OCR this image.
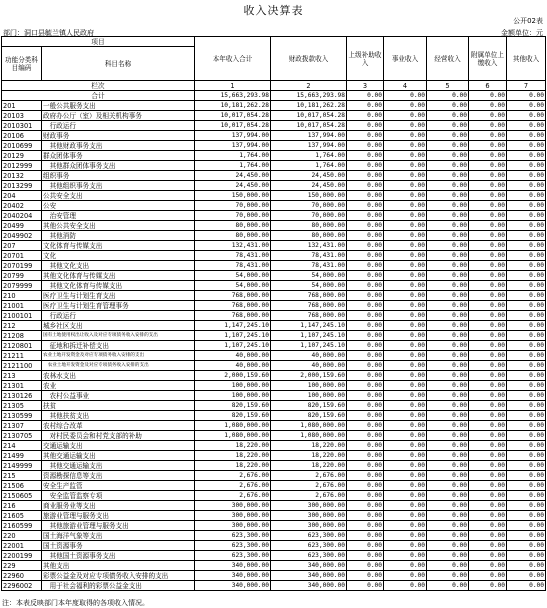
收入决算表
公开02表
部门：洞口县毓兰镇人民政府	金额单位：元
项目		本年收入合计	财政拨款收入	上级补助收入	事业收入	经营收入	附属单位上缴收入	其他收入
功能分类科目编码	科目名称							

栏次		1	2	3	4	5	6	7
合计		15,663,293.98	15,663,293.98	0.00	0.00	0.00	0.00	0.00
201	一般公共服务支出	10,181,262.28	10,181,262.28	0.00	0.00	0.00	0.00	0.00
20103	政府办公厅（室）及相关机构事务	10,017,054.28	10,017,054.28	0.00	0.00	0.00	0.00	0.00
2010301	　行政运行	10,017,054.28	10,017,054.28	0.00	0.00	0.00	0.00	0.00
20106	财政事务	137,994.00	137,994.00	0.00	0.00	0.00	0.00	0.00
2010699	　其他财政事务支出	137,994.00	137,994.00	0.00	0.00	0.00	0.00	0.00
20129	群众团体事务	1,764.00	1,764.00	0.00	0.00	0.00	0.00	0.00
2012999	　其他群众团体事务支出	1,764.00	1,764.00	0.00	0.00	0.00	0.00	0.00
20132	组织事务	24,450.00	24,450.00	0.00	0.00	0.00	0.00	0.00
2013299	　其他组织事务支出	24,450.00	24,450.00	0.00	0.00	0.00	0.00	0.00
204	公共安全支出	150,000.00	150,000.00	0.00	0.00	0.00	0.00	0.00
20402	公安	70,000.00	70,000.00	0.00	0.00	0.00	0.00	0.00
2040204	　治安管理	70,000.00	70,000.00	0.00	0.00	0.00	0.00	0.00
20499	其他公共安全支出	80,000.00	80,000.00	0.00	0.00	0.00	0.00	0.00
2049902	　其他消防	80,000.00	80,000.00	0.00	0.00	0.00	0.00	0.00
207	文化体育与传媒支出	132,431.00	132,431.00	0.00	0.00	0.00	0.00	0.00
20701	文化	78,431.00	78,431.00	0.00	0.00	0.00	0.00	0.00
2070199	　其他文化支出	78,431.00	78,431.00	0.00	0.00	0.00	0.00	0.00
20799	其他文化体育与传媒支出	54,000.00	54,000.00	0.00	0.00	0.00	0.00	0.00
2079999	　其他文化体育与传媒支出	54,000.00	54,000.00	0.00	0.00	0.00	0.00	0.00
210	医疗卫生与计划生育支出	768,000.00	768,000.00	0.00	0.00	0.00	0.00	0.00
21001	医疗卫生与计划生育管理事务	768,000.00	768,000.00	0.00	0.00	0.00	0.00	0.00
2100101	　行政运行	768,000.00	768,000.00	0.00	0.00	0.00	0.00	0.00
212	城乡社区支出	1,147,245.10	1,147,245.10	0.00	0.00	0.00	0.00	0.00
21208	国有土地使用权出让收入及对应专项债务收入安排的支出	1,107,245.10	1,107,245.10	0.00	0.00	0.00	0.00	0.00
2120801	　征地和拆迁补偿支出	1,107,245.10	1,107,245.10	0.00	0.00	0.00	0.00	0.00
21211	农业土地开发资金及对应专项债务收入安排的支出	40,000.00	40,000.00	0.00	0.00	0.00	0.00	0.00
2121100	　农业土地开发资金及对应专项债务收入安排的支出	40,000.00	40,000.00	0.00	0.00	0.00	0.00	0.00
213	农林水支出	2,000,159.60	2,000,159.60	0.00	0.00	0.00	0.00	0.00
21301	农业	100,000.00	100,000.00	0.00	0.00	0.00	0.00	0.00
2130126	　农村公益事业	100,000.00	100,000.00	0.00	0.00	0.00	0.00	0.00
21305	扶贫	820,159.60	820,159.60	0.00	0.00	0.00	0.00	0.00
2130599	　其他扶贫支出	820,159.60	820,159.60	0.00	0.00	0.00	0.00	0.00
21307	农村综合改革	1,080,000.00	1,080,000.00	0.00	0.00	0.00	0.00	0.00
2130705	　对村民委员会和村党支部的补助	1,080,000.00	1,080,000.00	0.00	0.00	0.00	0.00	0.00
214	交通运输支出	18,220.00	18,220.00	0.00	0.00	0.00	0.00	0.00
21499	其他交通运输支出	18,220.00	18,220.00	0.00	0.00	0.00	0.00	0.00
2149999	　其他交通运输支出	18,220.00	18,220.00	0.00	0.00	0.00	0.00	0.00
215	资源勘探信息等支出	2,676.00	2,676.00	0.00	0.00	0.00	0.00	0.00
21506	安全生产监管	2,676.00	2,676.00	0.00	0.00	0.00	0.00	0.00
2150605	　安全监管监察专项	2,676.00	2,676.00	0.00	0.00	0.00	0.00	0.00
216	商业服务业等支出	300,000.00	300,000.00	0.00	0.00	0.00	0.00	0.00
21605	旅游业管理与服务支出	300,000.00	300,000.00	0.00	0.00	0.00	0.00	0.00
2160599	　其他旅游业管理与服务支出	300,000.00	300,000.00	0.00	0.00	0.00	0.00	0.00
220	国土海洋气象等支出	623,300.00	623,300.00	0.00	0.00	0.00	0.00	0.00
22001	国土资源事务	623,300.00	623,300.00	0.00	0.00	0.00	0.00	0.00
2200199	　其他国土资源事务支出	623,300.00	623,300.00	0.00	0.00	0.00	0.00	0.00
229	其他支出	340,000.00	340,000.00	0.00	0.00	0.00	0.00	0.00
22960	彩票公益金及对应专项债务收入安排的支出	340,000.00	340,000.00	0.00	0.00	0.00	0.00	0.00
2296002	　用于社会福利的彩票公益金支出	340,000.00	340,000.00	0.00	0.00	0.00	0.00	0.00
注：本表反映部门本年度取得的各项收入情况。
